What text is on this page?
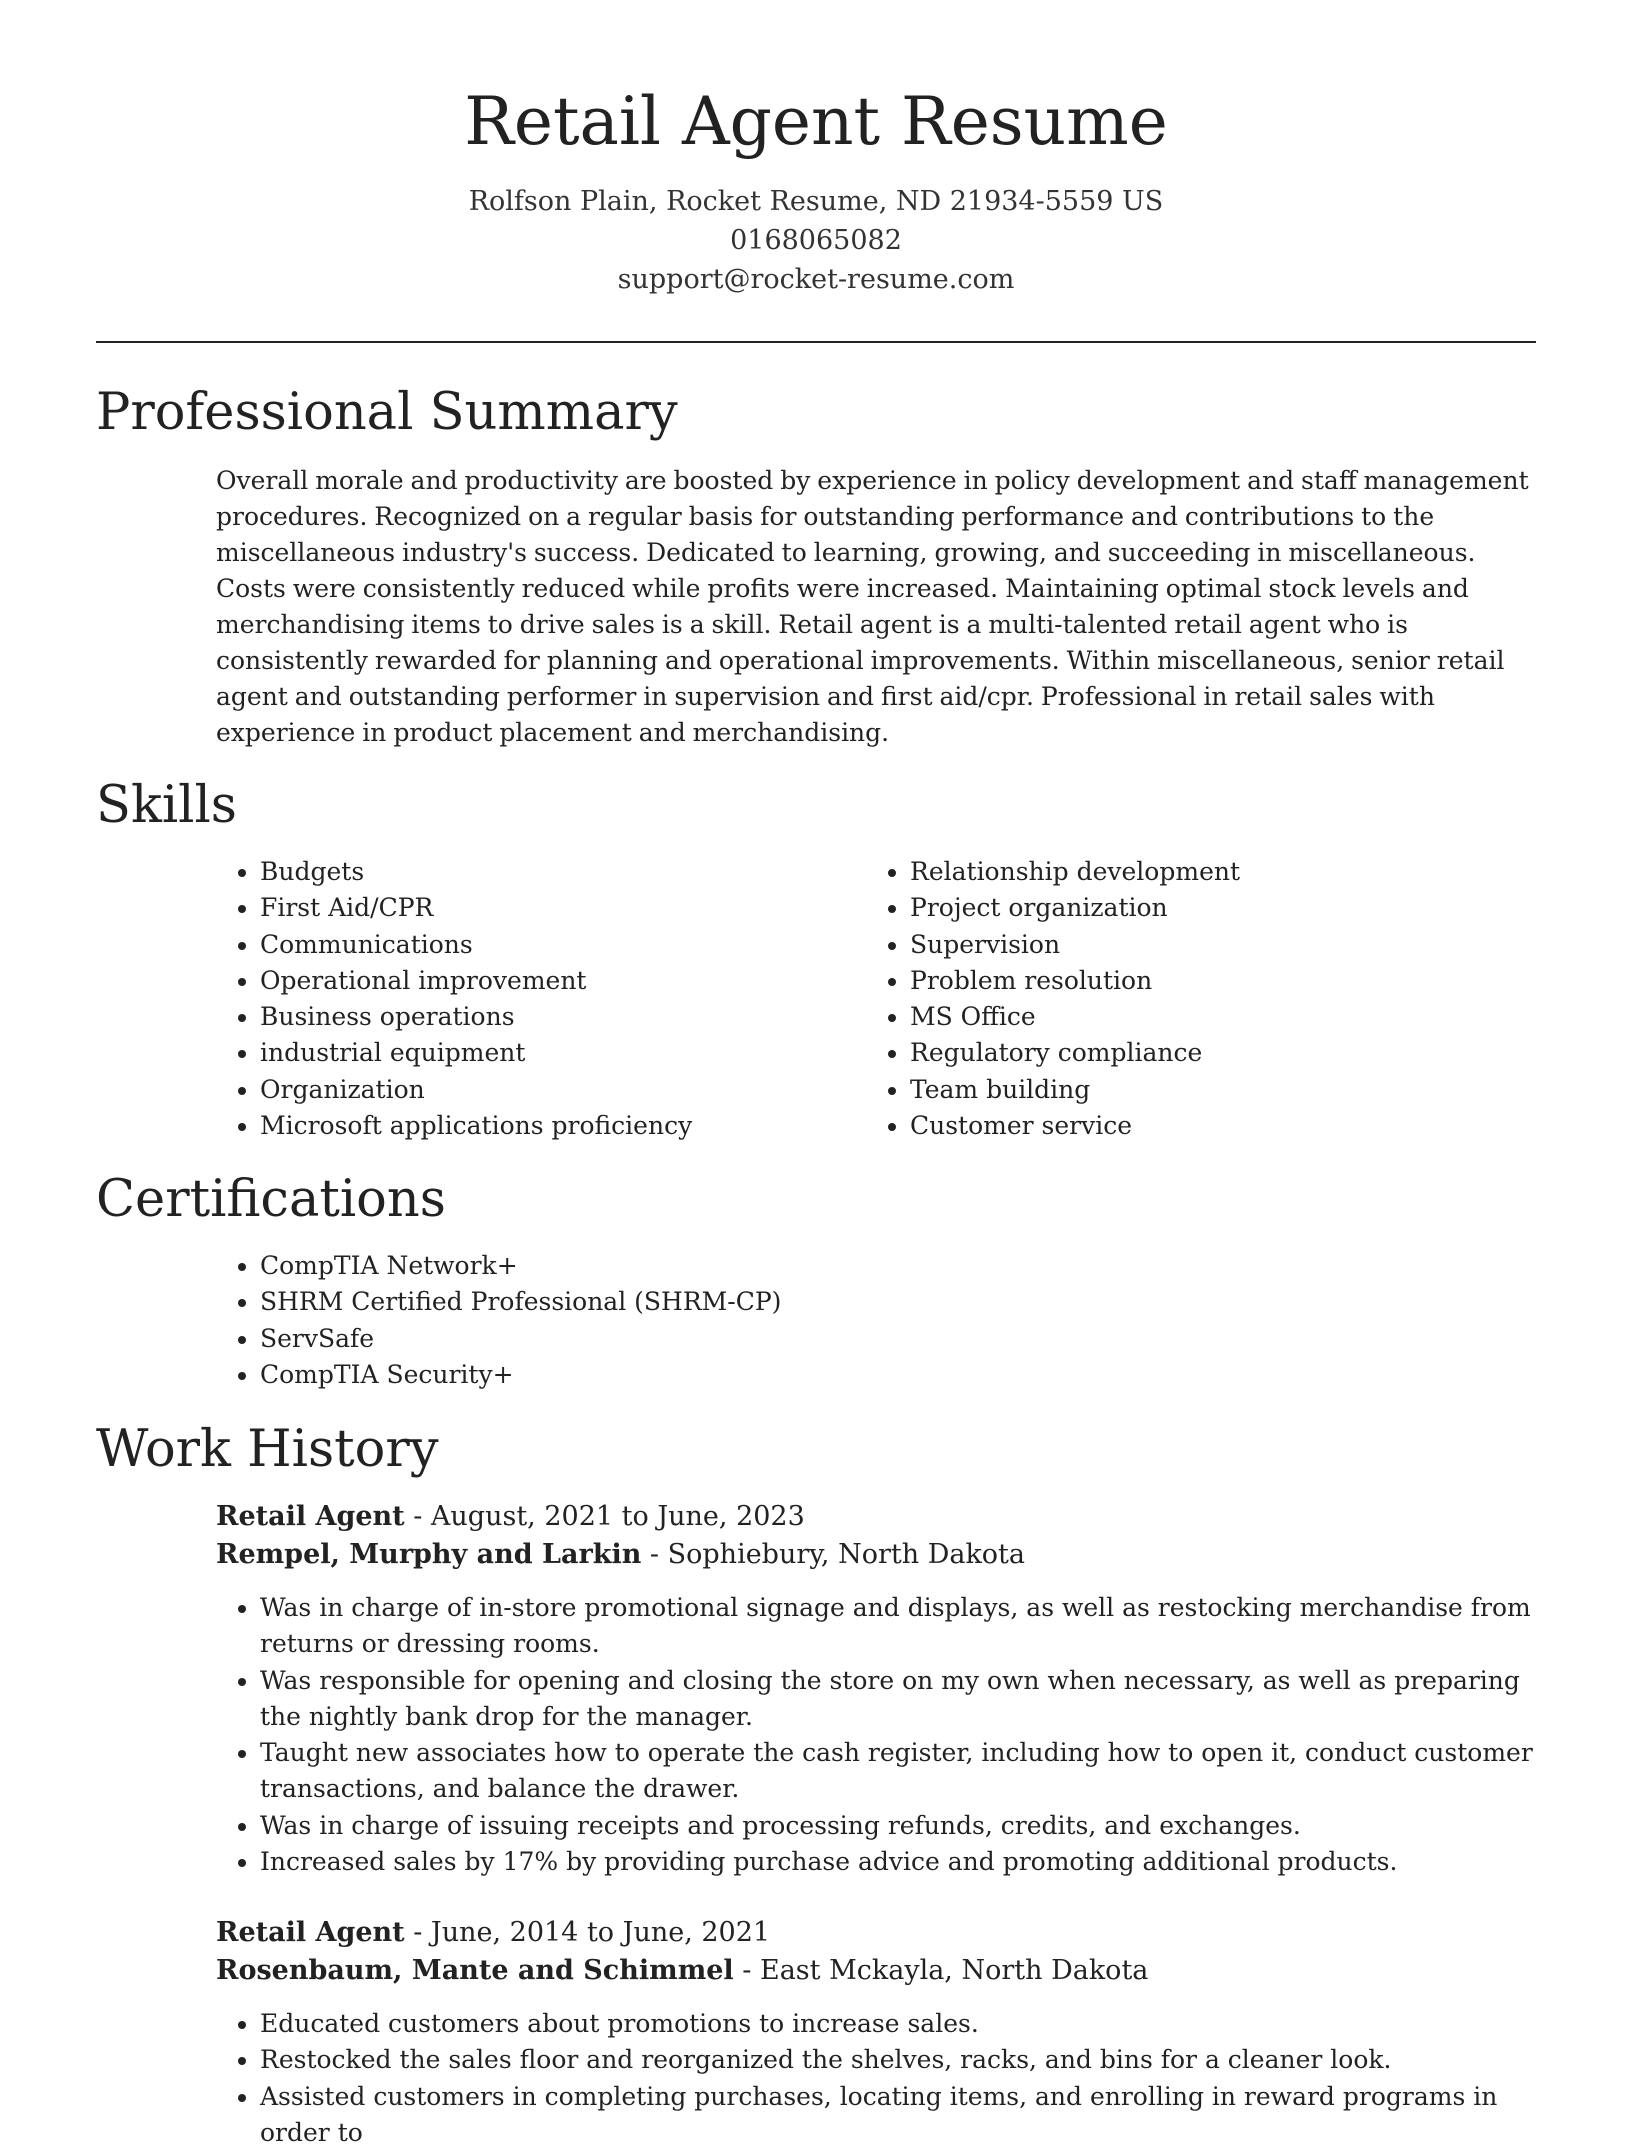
Retail Agent Resume
Rolfson Plain, Rocket Resume, ND 21934-5559 US
0168065082
support@rocket-resume.com
Professional Summary

Overall morale and productivity are boosted by experience in policy development and staff management procedures. Recognized on a regular basis for outstanding performance and contributions to the miscellaneous industry's success. Dedicated to learning, growing, and succeeding in miscellaneous. Costs were consistently reduced while profits were increased. Maintaining optimal stock levels and merchandising items to drive sales is a skill. Retail agent is a multi-talented retail agent who is consistently rewarded for planning and operational improvements. Within miscellaneous, senior retail agent and outstanding performer in supervision and first aid/cpr. Professional in retail sales with experience in product placement and merchandising.

Skills
• Budgets
• First Aid/CPR
• Communications
• Operational improvement
• Business operations
• industrial equipment
• Organization
• Microsoft applications proficiency
• Relationship development
• Project organization
• Supervision
• Problem resolution
• MS Office
• Regulatory compliance
• Team building
• Customer service
Certifications
• CompTIA Network+
• SHRM Certified Professional (SHRM-CP)
• ServSafe
• CompTIA Security+
Work History
Retail Agent - August, 2021 to June, 2023
Rempel, Murphy and Larkin - Sophiebury, North Dakota
• Was in charge of in-store promotional signage and displays, as well as restocking merchandise from returns or dressing rooms.
• Was responsible for opening and closing the store on my own when necessary, as well as preparing the nightly bank drop for the manager.
• Taught new associates how to operate the cash register, including how to open it, conduct customer transactions, and balance the drawer.
• Was in charge of issuing receipts and processing refunds, credits, and exchanges.
• Increased sales by 17% by providing purchase advice and promoting additional products.
Retail Agent - June, 2014 to June, 2021
Rosenbaum, Mante and Schimmel - East Mckayla, North Dakota
• Educated customers about promotions to increase sales.
• Restocked the sales floor and reorganized the shelves, racks, and bins for a cleaner look.
• Assisted customers in completing purchases, locating items, and enrolling in reward programs in order to
